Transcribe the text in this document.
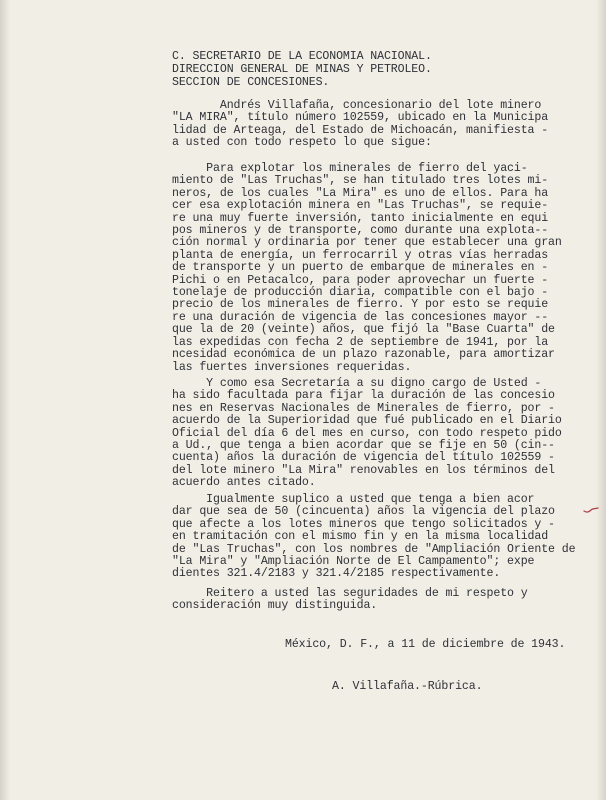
C. SECRETARIO DE LA ECONOMIA NACIONAL.
DIRECCION GENERAL DE MINAS Y PETROLEO.
SECCION DE CONCESIONES.
Andrés Villafaña, concesionario del lote minero
"LA MIRA", título número 102559, ubicado en la Municipa
lidad de Arteaga, del Estado de Michoacán, manifiesta -
a usted con todo respeto lo que sigue:
Para explotar los minerales de fierro del yaci-
miento de "Las Truchas", se han titulado tres lotes mi-
neros, de los cuales "La Mira" es uno de ellos. Para ha
cer esa explotación minera en "Las Truchas", se requie-
re una muy fuerte inversión, tanto inicialmente en equi
pos mineros y de transporte, como durante una explota--
ción normal y ordinaria por tener que establecer una gran
planta de energía, un ferrocarril y otras vías herradas
de transporte y un puerto de embarque de minerales en -
Pichi o en Petacalco, para poder aprovechar un fuerte -
tonelaje de producción diaria, compatible con el bajo -
precio de los minerales de fierro. Y por esto se requie
re una duración de vigencia de las concesiones mayor --
que la de 20 (veinte) años, que fijó la "Base Cuarta" de
las expedidas con fecha 2 de septiembre de 1941, por la
ncesidad económica de un plazo razonable, para amortizar
las fuertes inversiones requeridas.
Y como esa Secretaría a su digno cargo de Usted -
ha sido facultada para fijar la duración de las concesio
nes en Reservas Nacionales de Minerales de fierro, por -
acuerdo de la Superioridad que fué publicado en el Diario
Oficial del día 6 del mes en curso, con todo respeto pido
a Ud., que tenga a bien acordar que se fije en 50 (cin--
cuenta) años la duración de vigencia del título 102559 -
del lote minero "La Mira" renovables en los términos del
acuerdo antes citado.
Igualmente suplico a usted que tenga a bien acor
dar que sea de 50 (cincuenta) años la vigencia del plazo
que afecte a los lotes mineros que tengo solicitados y -
en tramitación con el mismo fin y en la misma localidad
de "Las Truchas", con los nombres de "Ampliación Oriente de
"La Mira" y "Ampliación Norte de El Campamento"; expe
dientes 321.4/2183 y 321.4/2185 respectivamente.
Reitero a usted las seguridades de mi respeto y
consideración muy distinguida.
México, D. F., a 11 de diciembre de 1943.
A. Villafaña.-Rúbrica.
